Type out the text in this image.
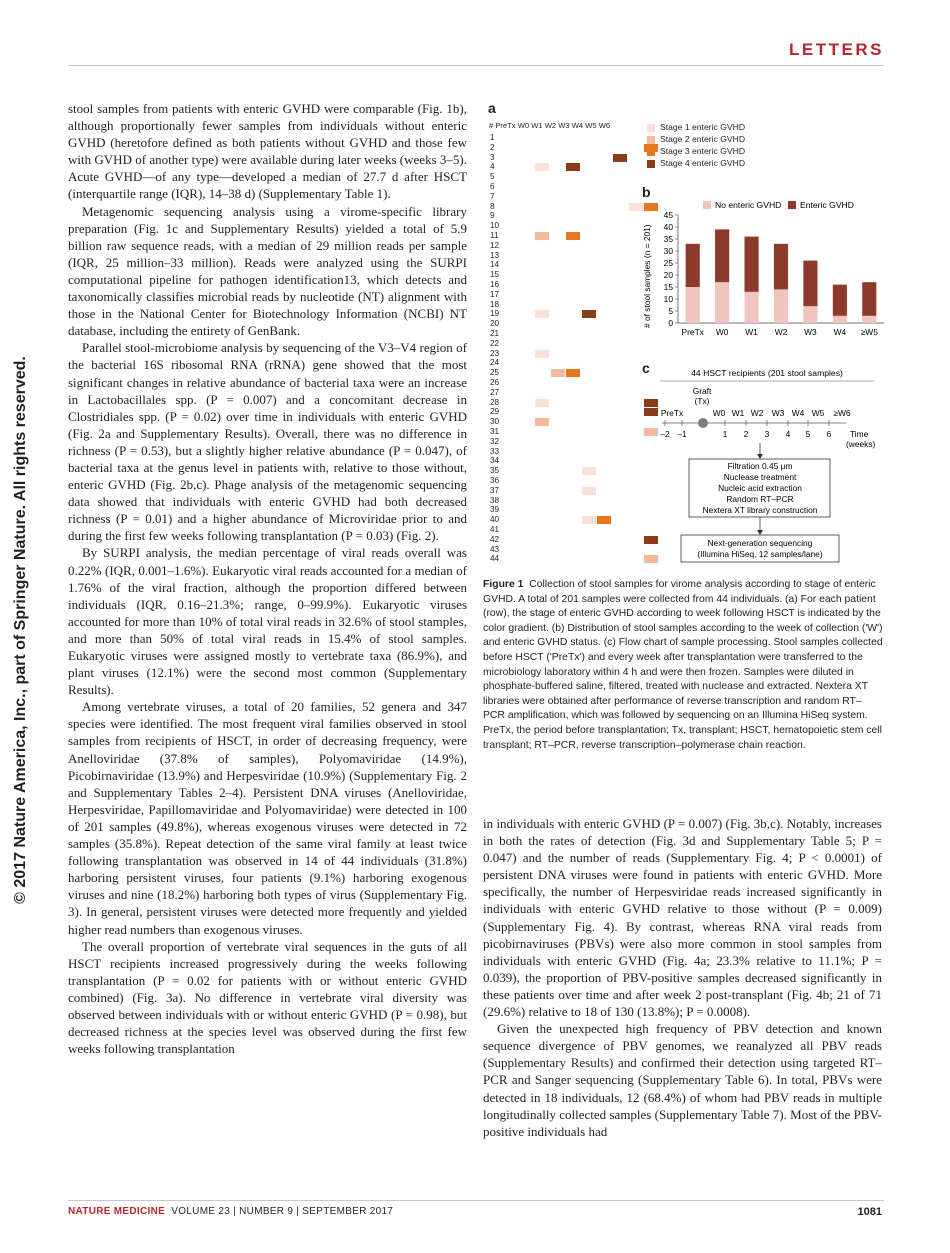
LETTERS
© 2017 Nature America, Inc., part of Springer Nature. All rights reserved.

stool samples from patients with enteric GVHD were comparable (Fig. 1b), although proportionally fewer samples from individuals without enteric GVHD (heretofore defined as both patients without GVHD and those few with GVHD of another type) were available during later weeks (weeks 3–5). Acute GVHD—of any type—developed a median of 27.7 d after HSCT (interquartile range (IQR), 14–38 d) (Supplementary Table 1).

Metagenomic sequencing analysis using a virome-specific library preparation (Fig. 1c and Supplementary Results) yielded a total of 5.9 billion raw sequence reads, with a median of 29 million reads per sample (IQR, 25 million–33 million). Reads were analyzed using the SURPI computational pipeline for pathogen identification13, which detects and taxonomically classifies microbial reads by nucleotide (NT) alignment with those in the National Center for Biotechnology Information (NCBI) NT database, including the entirety of GenBank.

Parallel stool-microbiome analysis by sequencing of the V3–V4 region of the bacterial 16S ribosomal RNA (rRNA) gene showed that the most significant changes in relative abundance of bacterial taxa were an increase in Lactobacillales spp. (P = 0.007) and a concomitant decrease in Clostridiales spp. (P = 0.02) over time in individuals with enteric GVHD (Fig. 2a and Supplementary Results). Overall, there was no difference in richness (P = 0.53), but a slightly higher relative abundance (P = 0.047), of bacterial taxa at the genus level in patients with, relative to those without, enteric GVHD (Fig. 2b,c). Phage analysis of the metagenomic sequencing data showed that individuals with enteric GVHD had both decreased richness (P = 0.01) and a higher abundance of Microviridae prior to and during the first few weeks following transplantation (P = 0.03) (Fig. 2).

By SURPI analysis, the median percentage of viral reads overall was 0.22% (IQR, 0.001–1.6%). Eukaryotic viral reads accounted for a median of 1.76% of the viral fraction, although the proportion differed between individuals (IQR, 0.16–21.3%; range, 0–99.9%). Eukaryotic viruses accounted for more than 10% of total viral reads in 32.6% of stool stamples, and more than 50% of total viral reads in 15.4% of stool samples. Eukaryotic viruses were assigned mostly to vertebrate taxa (86.9%), and plant viruses (12.1%) were the second most common (Supplementary Results).

Among vertebrate viruses, a total of 20 families, 52 genera and 347 species were identified. The most frequent viral families observed in stool samples from recipients of HSCT, in order of decreasing frequency, were Anelloviridae (37.8% of samples), Polyomaviridae (14.9%), Picobirnaviridae (13.9%) and Herpesviridae (10.9%) (Supplementary Fig. 2 and Supplementary Tables 2–4). Persistent DNA viruses (Anelloviridae, Herpesviridae, Papillomaviridae and Polyomaviridae) were detected in 100 of 201 samples (49.8%), whereas exogenous viruses were detected in 72 samples (35.8%). Repeat detection of the same viral family at least twice following transplantation was observed in 14 of 44 individuals (31.8%) harboring persistent viruses, four patients (9.1%) harboring exogenous viruses and nine (18.2%) harboring both types of virus (Supplementary Fig. 3). In general, persistent viruses were detected more frequently and yielded higher read numbers than exogenous viruses.

The overall proportion of vertebrate viral sequences in the guts of all HSCT recipients increased progressively during the weeks following transplantation (P = 0.02 for patients with or without enteric GVHD combined) (Fig. 3a). No difference in vertebrate viral diversity was observed between individuals with or without enteric GVHD (P = 0.98), but decreased richness at the species level was observed during the first few weeks following transplantation

a
# PreTx W0 W1 W2 W3 W4 W5 W6
1
2
3
4
5
6
7
8
9
10
11
12
13
14
15
16
17
18
19
20
21
22
23
24
25
26
27
28
29
30
31
32
33
34
35
36
37
38
39
40
41
42
43
44
Stage 1 enteric GVHD
Stage 2 enteric GVHD
Stage 3 enteric GVHD
Stage 4 enteric GVHD
b
No enteric GVHD Enteric GVHD
# of stool samples (n = 201) 0
5
10
15
20
25
30
35
40
45
PreTx W0 W1 W2 W3 W4 ≥W5
c	44 HSCT recipients (201 stool samples)
Graft
(Tx)
PreTx	W0 W1 W2 W3 W4 W5 ≥W6
–2 –1	1 2 3 4 5 6 Time
(weeks)
Filtration 0.45 µm
Nuclease treatment
Nucleic acid extraction
Random RT–PCR
Nextera XT library construction
Next-generation sequencing
(Illumina HiSeq, 12 samples/lane)
Figure 1 Collection of stool samples for virome analysis according to stage of enteric GVHD. A total of 201 samples were collected from 44 individuals. (a) For each patient (row), the stage of enteric GVHD according to week following HSCT is indicated by the color gradient. (b) Distribution of stool samples according to the week of collection ('W') and enteric GVHD status. (c) Flow chart of sample processing. Stool samples collected before HSCT ('PreTx') and every week after transplantation were transferred to the microbiology laboratory within 4 h and were then frozen. Samples were diluted in phosphate-buffered saline, filtered, treated with nuclease and extracted. Nextera XT libraries were obtained after performance of reverse transcription and random RT–PCR amplification, which was followed by sequencing on an Illumina HiSeq system. PreTx, the period before transplantation; Tx, transplant; HSCT, hematopoietic stem cell transplant; RT–PCR, reverse transcription–polymerase chain reaction.

in individuals with enteric GVHD (P = 0.007) (Fig. 3b,c). Notably, increases in both the rates of detection (Fig. 3d and Supplementary Table 5; P = 0.047) and the number of reads (Supplementary Fig. 4; P < 0.0001) of persistent DNA viruses were found in patients with enteric GVHD. More specifically, the number of Herpesviridae reads increased significantly in individuals with enteric GVHD relative to those without (P = 0.009) (Supplementary Fig. 4). By contrast, whereas RNA viral reads from picobirnaviruses (PBVs) were also more common in stool samples from individuals with enteric GVHD (Fig. 4a; 23.3% relative to 11.1%; P = 0.039), the proportion of PBV-positive samples decreased significantly in these patients over time and after week 2 post-transplant (Fig. 4b; 21 of 71 (29.6%) relative to 18 of 130 (13.8%); P = 0.0008).

Given the unexpected high frequency of PBV detection and known sequence divergence of PBV genomes, we reanalyzed all PBV reads (Supplementary Results) and confirmed their detection using targeted RT–PCR and Sanger sequencing (Supplementary Table 6). In total, PBVs were detected in 18 individuals, 12 (68.4%) of whom had PBV reads in multiple longitudinally collected samples (Supplementary Table 7). Most of the PBV-positive individuals had

NATURE MEDICINE VOLUME 23 | NUMBER 9 | SEPTEMBER 2017	1081
